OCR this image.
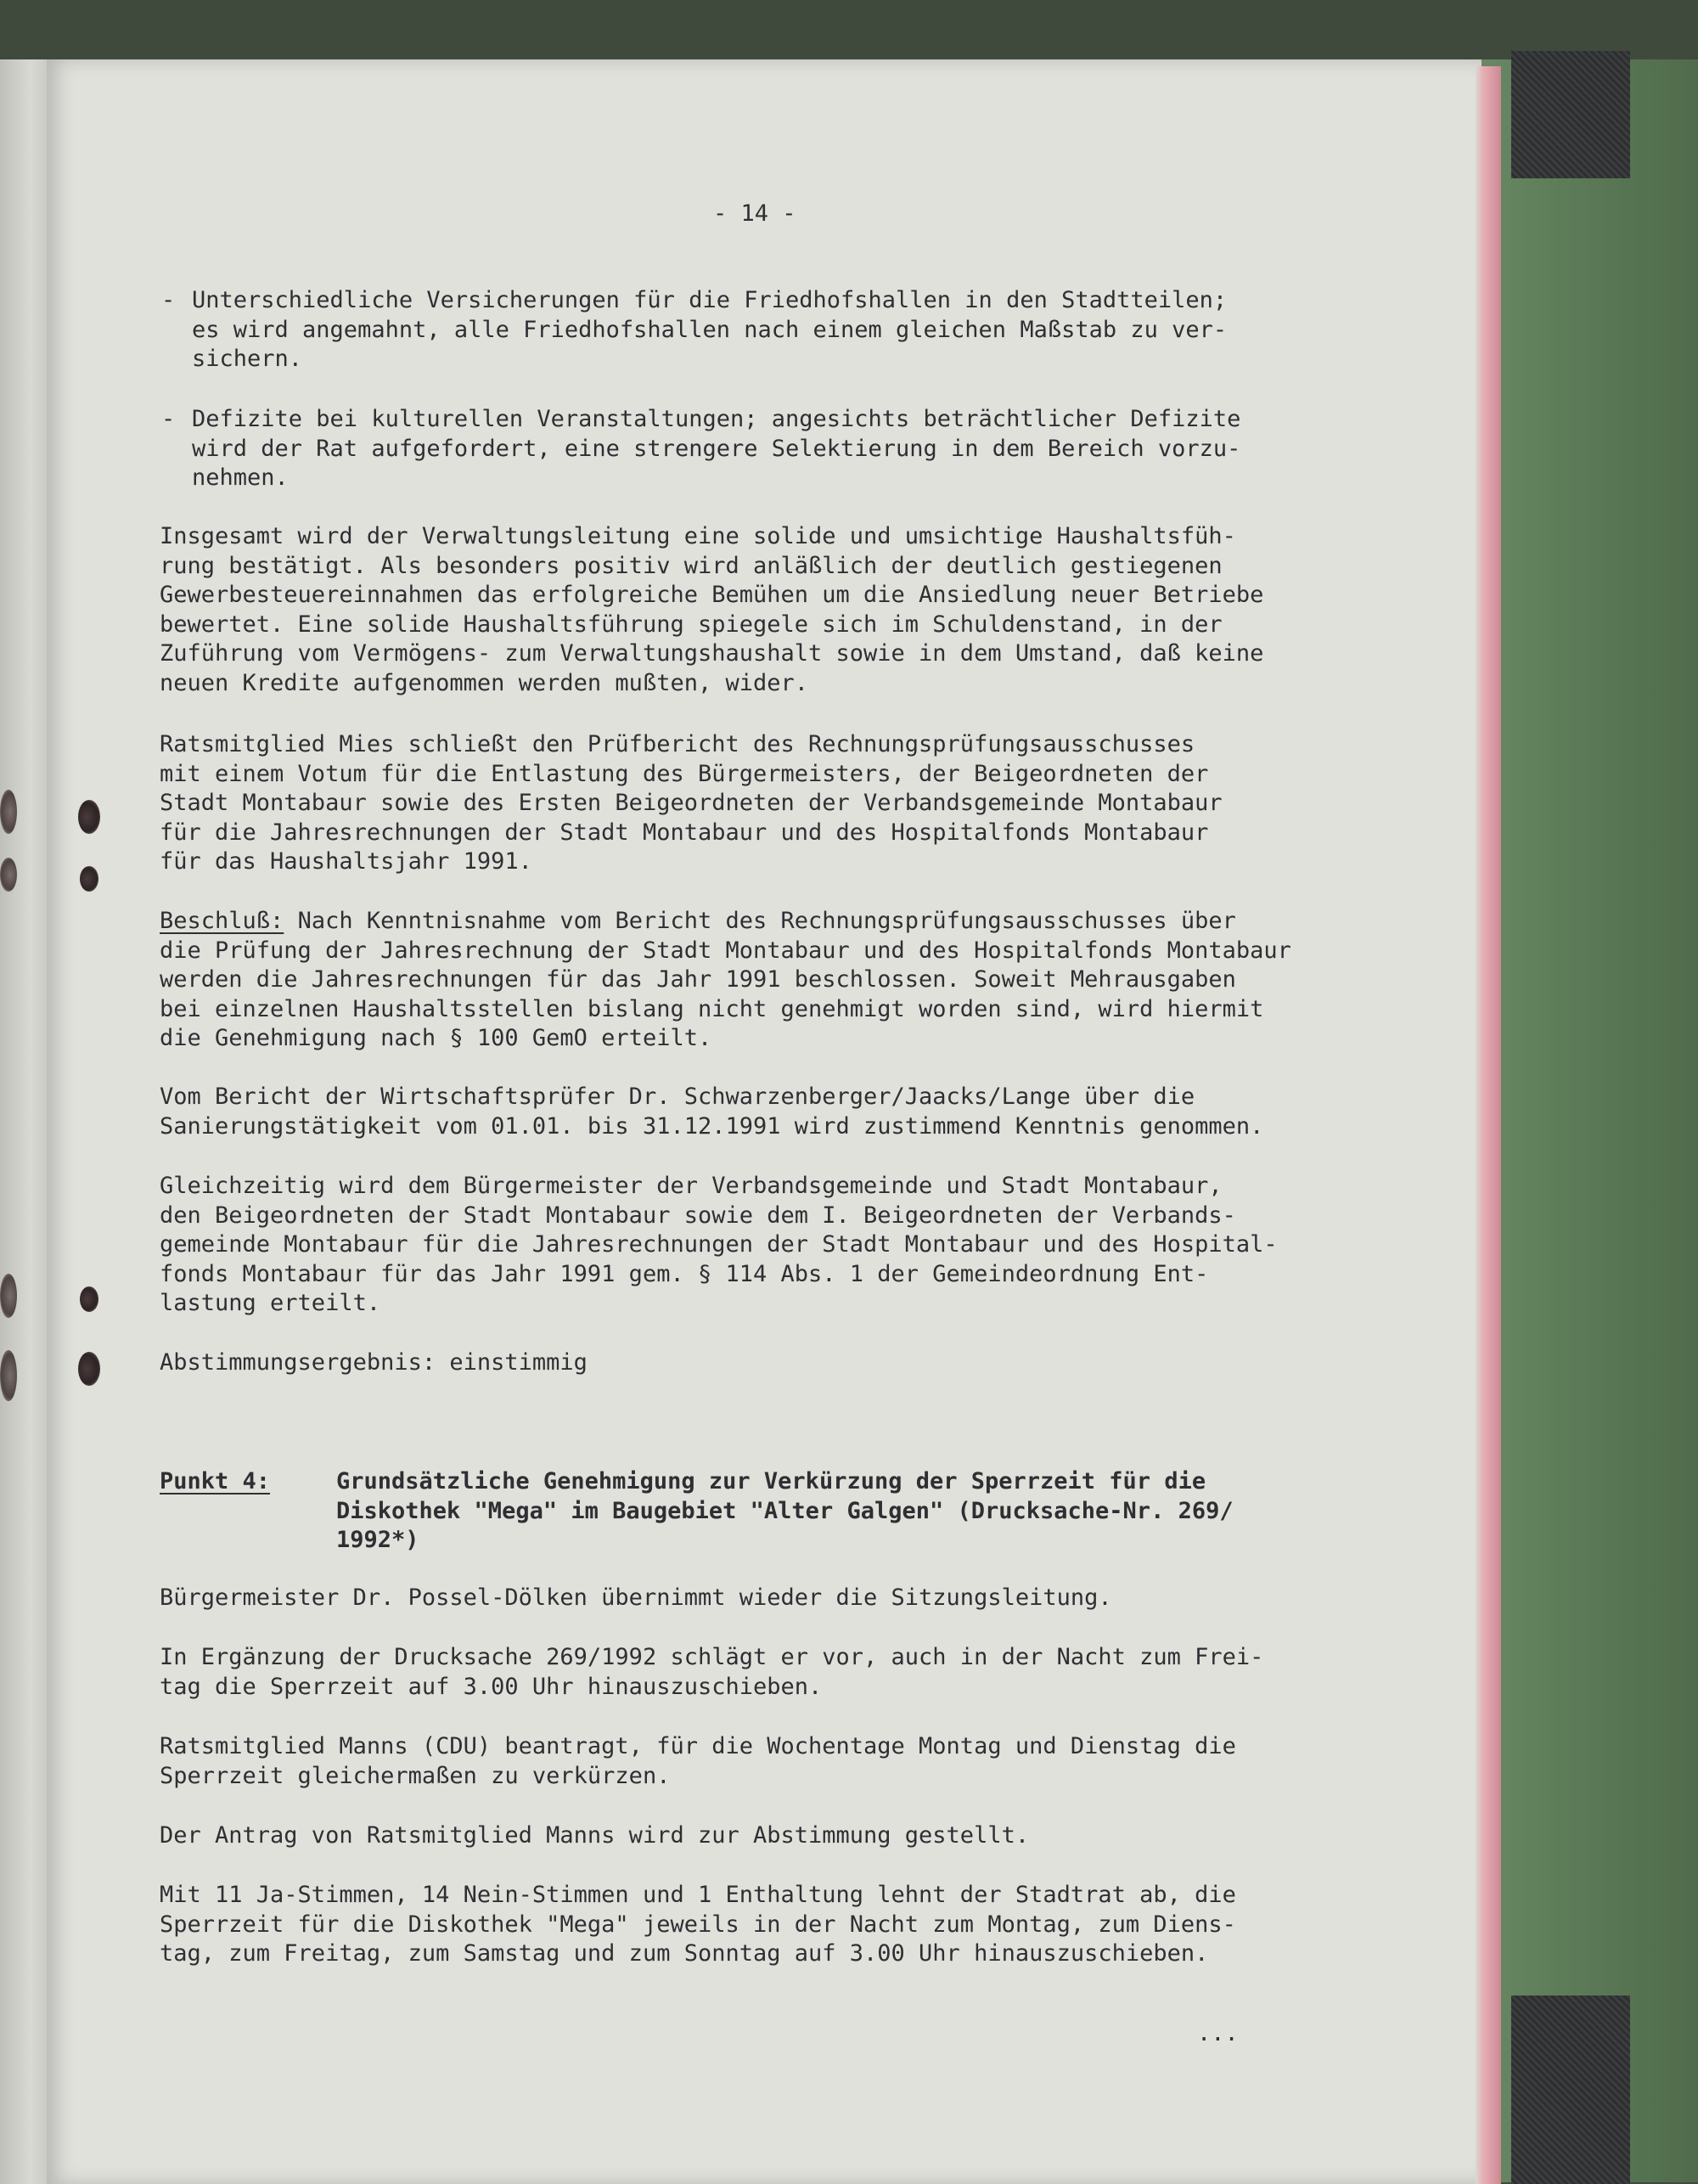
- 14 -
- Unterschiedliche Versicherungen für die Friedhofshallen in den Stadtteilen;
es wird angemahnt, alle Friedhofshallen nach einem gleichen Maßstab zu ver-
sichern.
- Defizite bei kulturellen Veranstaltungen; angesichts beträchtlicher Defizite
wird der Rat aufgefordert, eine strengere Selektierung in dem Bereich vorzu-
nehmen.
Insgesamt wird der Verwaltungsleitung eine solide und umsichtige Haushaltsfüh-
rung bestätigt. Als besonders positiv wird anläßlich der deutlich gestiegenen
Gewerbesteuereinnahmen das erfolgreiche Bemühen um die Ansiedlung neuer Betriebe
bewertet. Eine solide Haushaltsführung spiegele sich im Schuldenstand, in der
Zuführung vom Vermögens- zum Verwaltungshaushalt sowie in dem Umstand, daß keine
neuen Kredite aufgenommen werden mußten, wider.
Ratsmitglied Mies schließt den Prüfbericht des Rechnungsprüfungsausschusses
mit einem Votum für die Entlastung des Bürgermeisters, der Beigeordneten der
Stadt Montabaur sowie des Ersten Beigeordneten der Verbandsgemeinde Montabaur
für die Jahresrechnungen der Stadt Montabaur und des Hospitalfonds Montabaur
für das Haushaltsjahr 1991.
Beschluß: Nach Kenntnisnahme vom Bericht des Rechnungsprüfungsausschusses über
die Prüfung der Jahresrechnung der Stadt Montabaur und des Hospitalfonds Montabaur
werden die Jahresrechnungen für das Jahr 1991 beschlossen. Soweit Mehrausgaben
bei einzelnen Haushaltsstellen bislang nicht genehmigt worden sind, wird hiermit
die Genehmigung nach § 100 GemO erteilt.
Vom Bericht der Wirtschaftsprüfer Dr. Schwarzenberger/Jaacks/Lange über die
Sanierungstätigkeit vom 01.01. bis 31.12.1991 wird zustimmend Kenntnis genommen.
Gleichzeitig wird dem Bürgermeister der Verbandsgemeinde und Stadt Montabaur,
den Beigeordneten der Stadt Montabaur sowie dem I. Beigeordneten der Verbands-
gemeinde Montabaur für die Jahresrechnungen der Stadt Montabaur und des Hospital-
fonds Montabaur für das Jahr 1991 gem. § 114 Abs. 1 der Gemeindeordnung Ent-
lastung erteilt.
Abstimmungsergebnis: einstimmig
Punkt 4:	Grundsätzliche Genehmigung zur Verkürzung der Sperrzeit für die
Diskothek "Mega" im Baugebiet "Alter Galgen" (Drucksache-Nr. 269/
1992*)
Bürgermeister Dr. Possel-Dölken übernimmt wieder die Sitzungsleitung.
In Ergänzung der Drucksache 269/1992 schlägt er vor, auch in der Nacht zum Frei-
tag die Sperrzeit auf 3.00 Uhr hinauszuschieben.
Ratsmitglied Manns (CDU) beantragt, für die Wochentage Montag und Dienstag die
Sperrzeit gleichermaßen zu verkürzen.
Der Antrag von Ratsmitglied Manns wird zur Abstimmung gestellt.
Mit 11 Ja-Stimmen, 14 Nein-Stimmen und 1 Enthaltung lehnt der Stadtrat ab, die
Sperrzeit für die Diskothek "Mega" jeweils in der Nacht zum Montag, zum Diens-
tag, zum Freitag, zum Samstag und zum Sonntag auf 3.00 Uhr hinauszuschieben.
...
